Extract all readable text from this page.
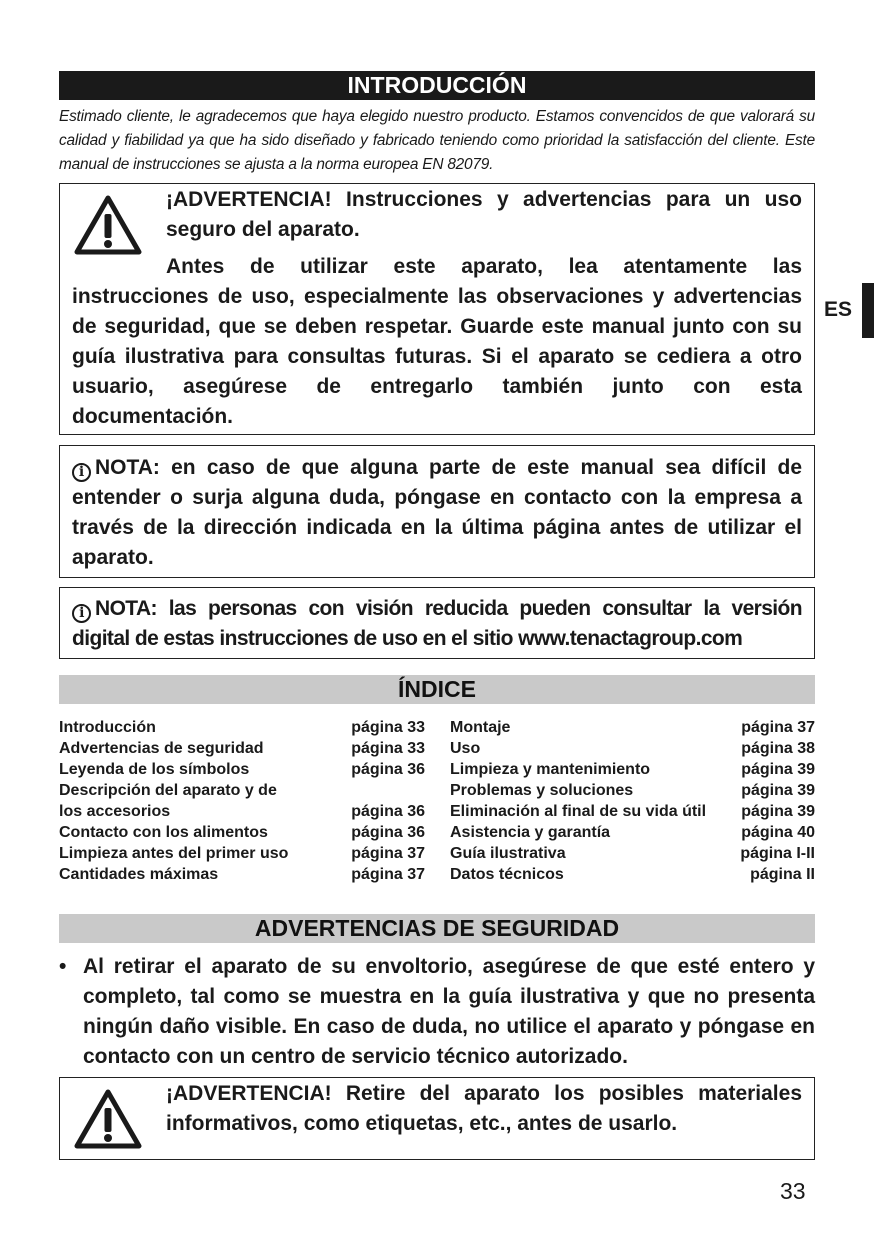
INTRODUCCIÓN
Estimado cliente, le agradecemos que haya elegido nuestro producto. Estamos convencidos de que valorará su calidad y fiabilidad ya que ha sido diseñado y fabricado teniendo como prioridad la satisfacción del cliente. Este manual de instrucciones se ajusta a la norma europea EN 82079.
¡ADVERTENCIA! Instrucciones y advertencias para un uso seguro del aparato.
Antes de utilizar este aparato, lea atentamente las instrucciones de uso, especialmente las observaciones y advertencias de seguridad, que se deben respetar. Guarde este manual junto con su guía ilustrativa para consultas futuras. Si el aparato se cediera a otro usuario, asegúrese de entregarlo también junto con esta documentación.
ES
i NOTA: en caso de que alguna parte de este manual sea difícil de entender o surja alguna duda, póngase en contacto con la empresa a través de la dirección indicada en la última página antes de utilizar el aparato.
i NOTA: las personas con visión reducida pueden consultar la versión digital de estas instrucciones de uso en el sitio www.tenactagroup.com
ÍNDICE
Introducción	página 33
Advertencias de seguridad	página 33
Leyenda de los símbolos	página 36
Descripción del aparato y de
los accesorios	página 36
Contacto con los alimentos	página 36
Limpieza antes del primer uso	página 37
Cantidades máximas	página 37
Montaje	página 37
Uso	página 38
Limpieza y mantenimiento	página 39
Problemas y soluciones	página 39
Eliminación al final de su vida útil página 39
Asistencia y garantía	página 40
Guía ilustrativa	página I-II
Datos técnicos	página II
ADVERTENCIAS DE SEGURIDAD
• Al retirar el aparato de su envoltorio, asegúrese de que esté entero y completo, tal como se muestra en la guía ilustrativa y que no presenta ningún daño visible. En caso de duda, no utilice el aparato y póngase en contacto con un centro de servicio técnico autorizado.
¡ADVERTENCIA! Retire del aparato los posibles materiales informativos, como etiquetas, etc., antes de usarlo.
33
